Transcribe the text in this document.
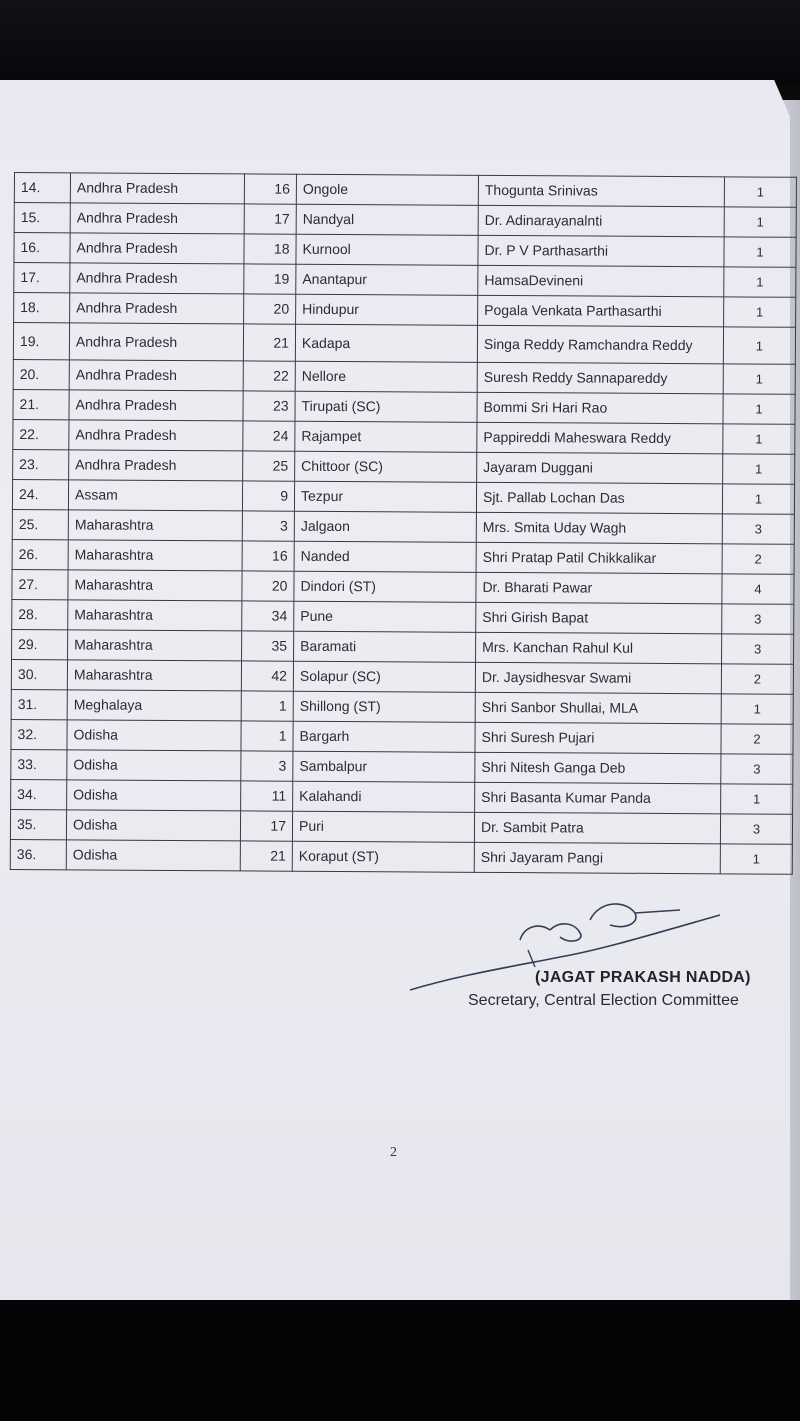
14.	Andhra Pradesh	16	Ongole	Thogunta Srinivas	1
15.	Andhra Pradesh	17	Nandyal	Dr. Adinarayanalnti	1
16.	Andhra Pradesh	18	Kurnool	Dr. P V Parthasarthi	1
17.	Andhra Pradesh	19	Anantapur	HamsaDevineni	1
18.	Andhra Pradesh	20	Hindupur	Pogala Venkata Parthasarthi	1
19.	Andhra Pradesh	21	Kadapa	Singa Reddy Ramchandra Reddy	1
20.	Andhra Pradesh	22	Nellore	Suresh Reddy Sannapareddy	1
21.	Andhra Pradesh	23	Tirupati (SC)	Bommi Sri Hari Rao	1
22.	Andhra Pradesh	24	Rajampet	Pappireddi Maheswara Reddy	1
23.	Andhra Pradesh	25	Chittoor (SC)	Jayaram Duggani	1
24.	Assam	9	Tezpur	Sjt. Pallab Lochan Das	1
25.	Maharashtra	3	Jalgaon	Mrs. Smita Uday Wagh	3
26.	Maharashtra	16	Nanded	Shri Pratap Patil Chikkalikar	2
27.	Maharashtra	20	Dindori (ST)	Dr. Bharati Pawar	4
28.	Maharashtra	34	Pune	Shri Girish Bapat	3
29.	Maharashtra	35	Baramati	Mrs. Kanchan Rahul Kul	3
30.	Maharashtra	42	Solapur (SC)	Dr. Jaysidhesvar Swami	2
31.	Meghalaya	1	Shillong (ST)	Shri Sanbor Shullai, MLA	1
32.	Odisha	1	Bargarh	Shri Suresh Pujari	2
33.	Odisha	3	Sambalpur	Shri Nitesh Ganga Deb	3
34.	Odisha	11	Kalahandi	Shri Basanta Kumar Panda	1
35.	Odisha	17	Puri	Dr. Sambit Patra	3
36.	Odisha	21	Koraput (ST)	Shri Jayaram Pangi	1
(JAGAT PRAKASH NADDA)
Secretary, Central Election Committee
2
